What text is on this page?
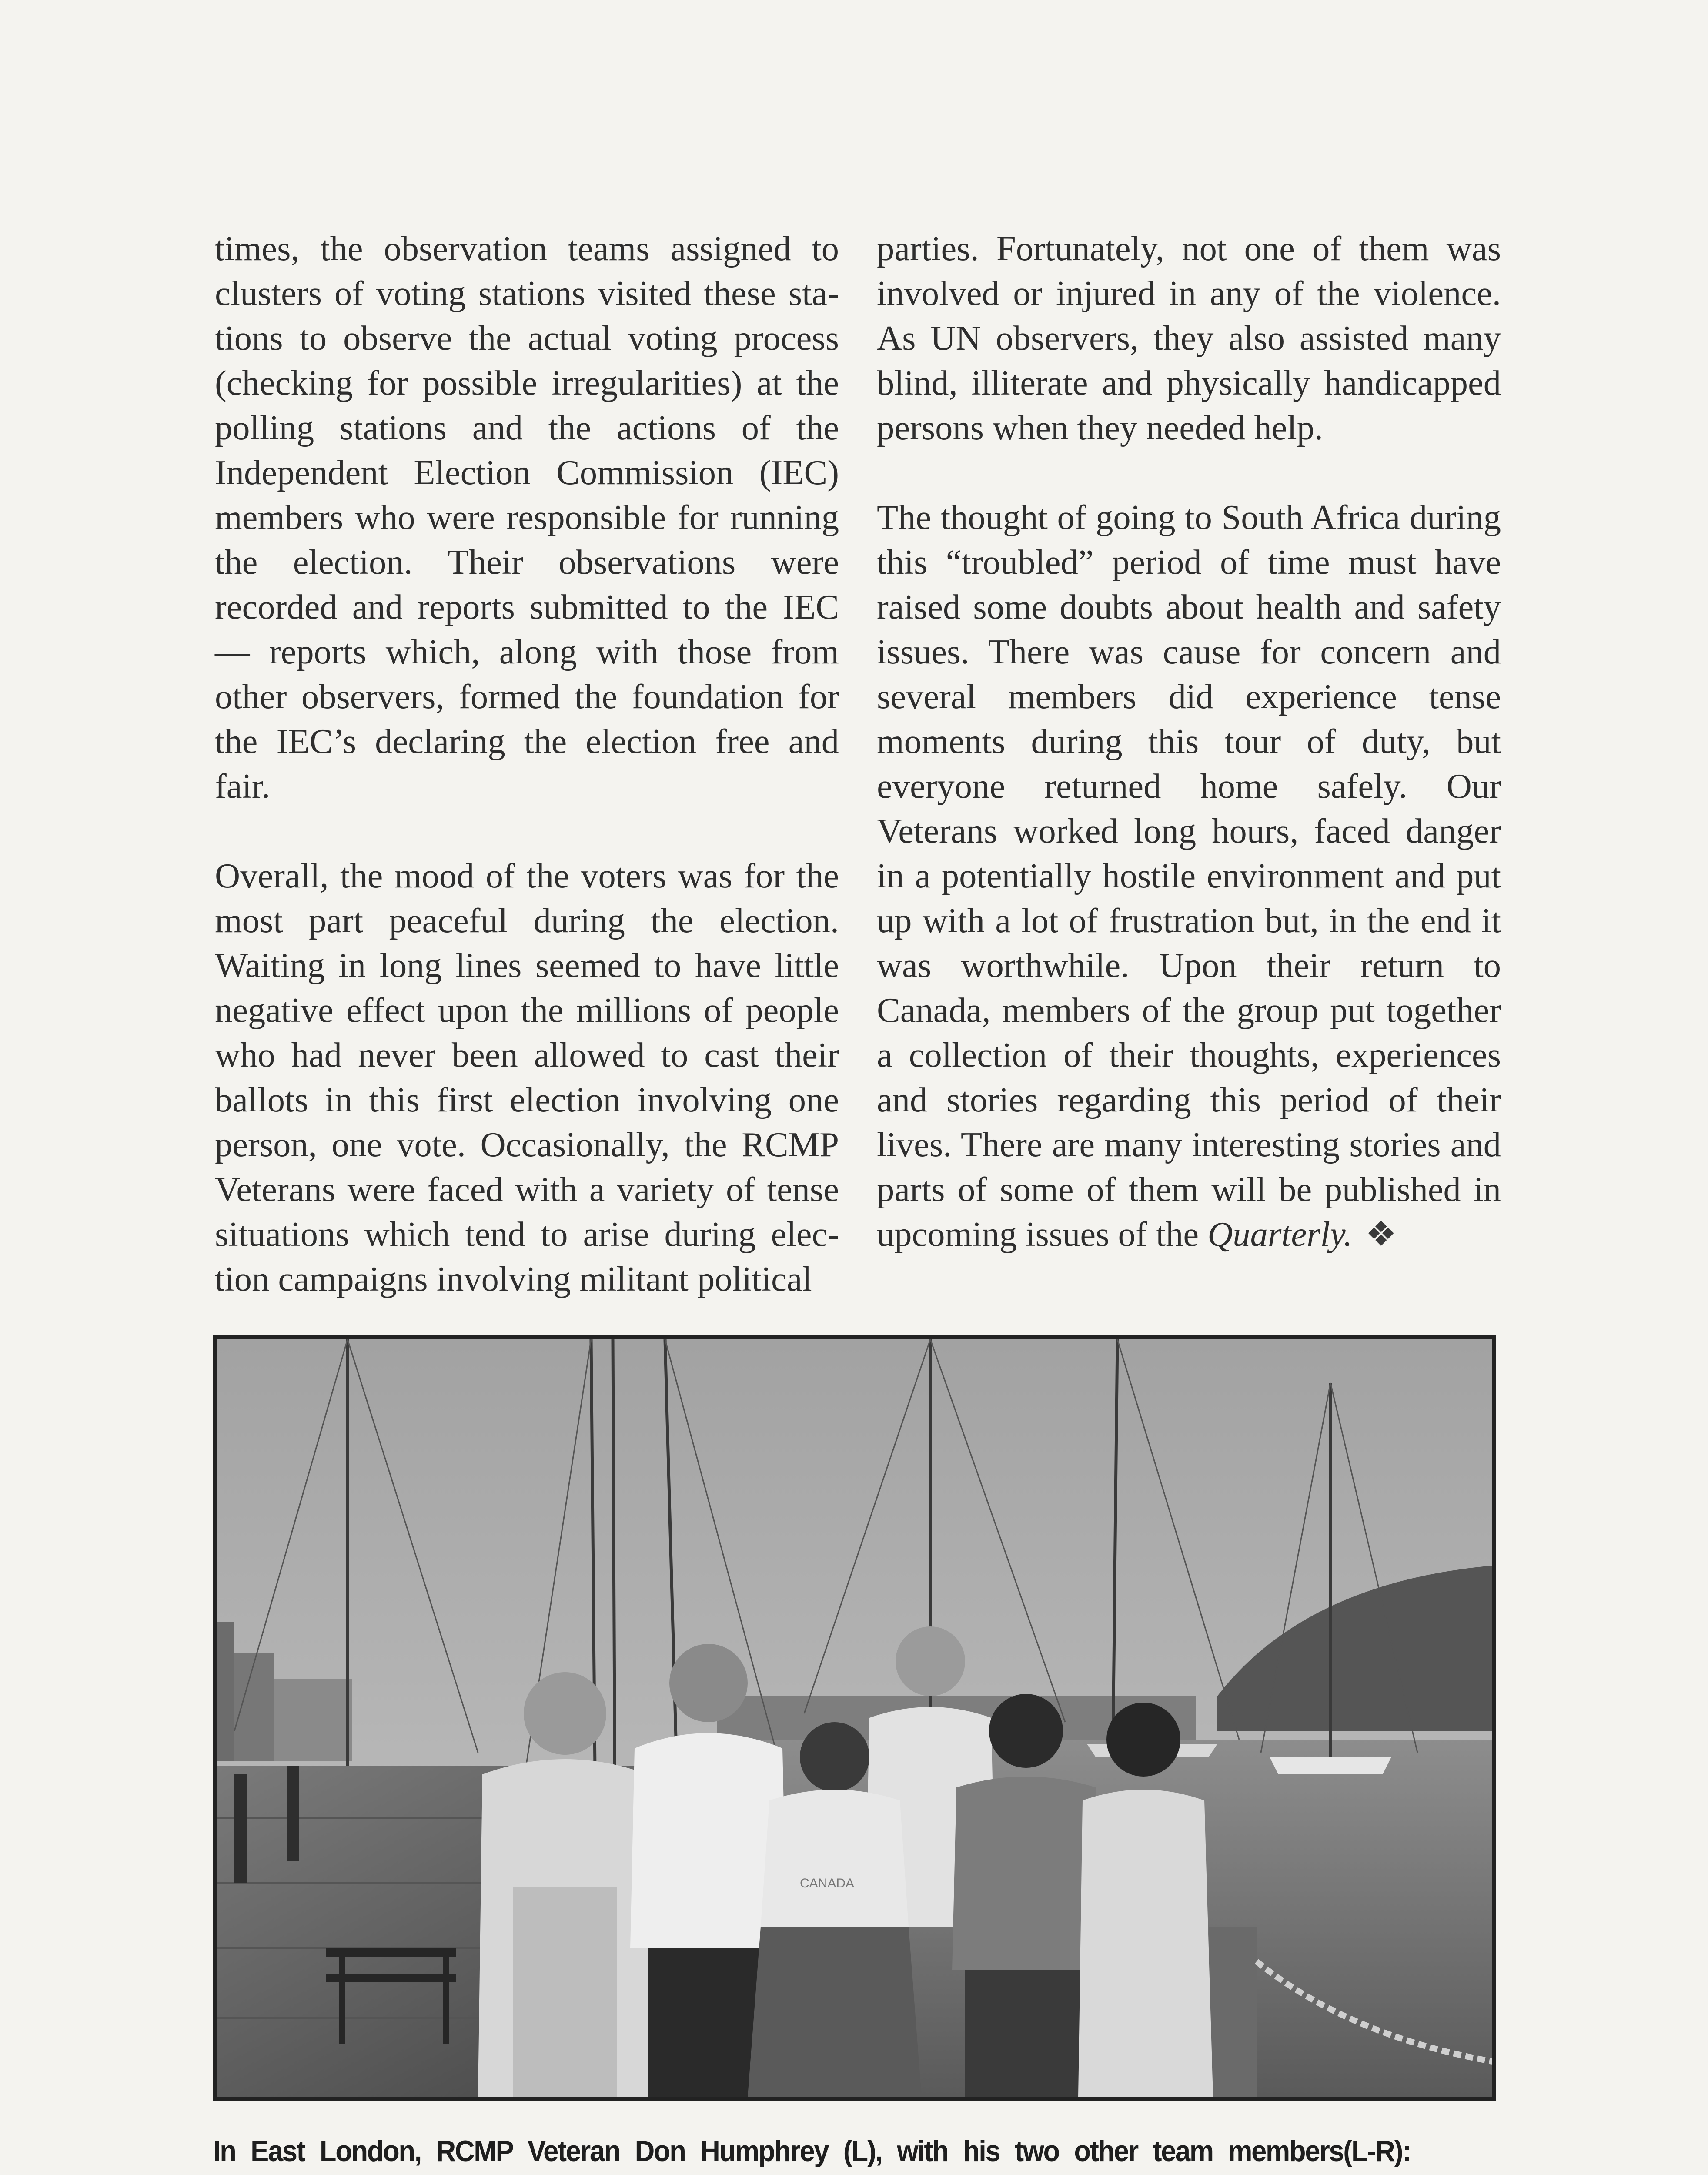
times, the observation teams assigned to clusters of voting stations visited these stations to observe the actual voting process (checking for possible irregularities) at the polling stations and the actions of the Independent Election Commission (IEC) members who were responsible for running the election. Their observations were recorded and reports submitted to the IEC — reports which, along with those from other observers, formed the foundation for the IEC’s declaring the election free and fair.

Overall, the mood of the voters was for the most part peaceful during the election. Waiting in long lines seemed to have little negative effect upon the millions of people who had never been allowed to cast their ballots in this first election involving one person, one vote. Occasionally, the RCMP Veterans were faced with a variety of tense situations which tend to arise during election campaigns involving militant political

parties. Fortunately, not one of them was involved or injured in any of the violence. As UN observers, they also assisted many blind, illiterate and physically handicapped persons when they needed help.

The thought of going to South Africa during this “troubled” period of time must have raised some doubts about health and safety issues. There was cause for concern and several members did experience tense moments during this tour of duty, but everyone returned home safely. Our Veterans worked long hours, faced danger in a potentially hostile environment and put up with a lot of frustration but, in the end it was worthwhile. Upon their return to Canada, members of the group put together a collection of their thoughts, experiences and stories regarding this period of their lives. There are many interesting stories and parts of some of them will be published in upcoming issues of the Quarterly. ❖

CANADA
In East London, RCMP Veteran Don Humphrey (L), with his two other team members(L-R):
